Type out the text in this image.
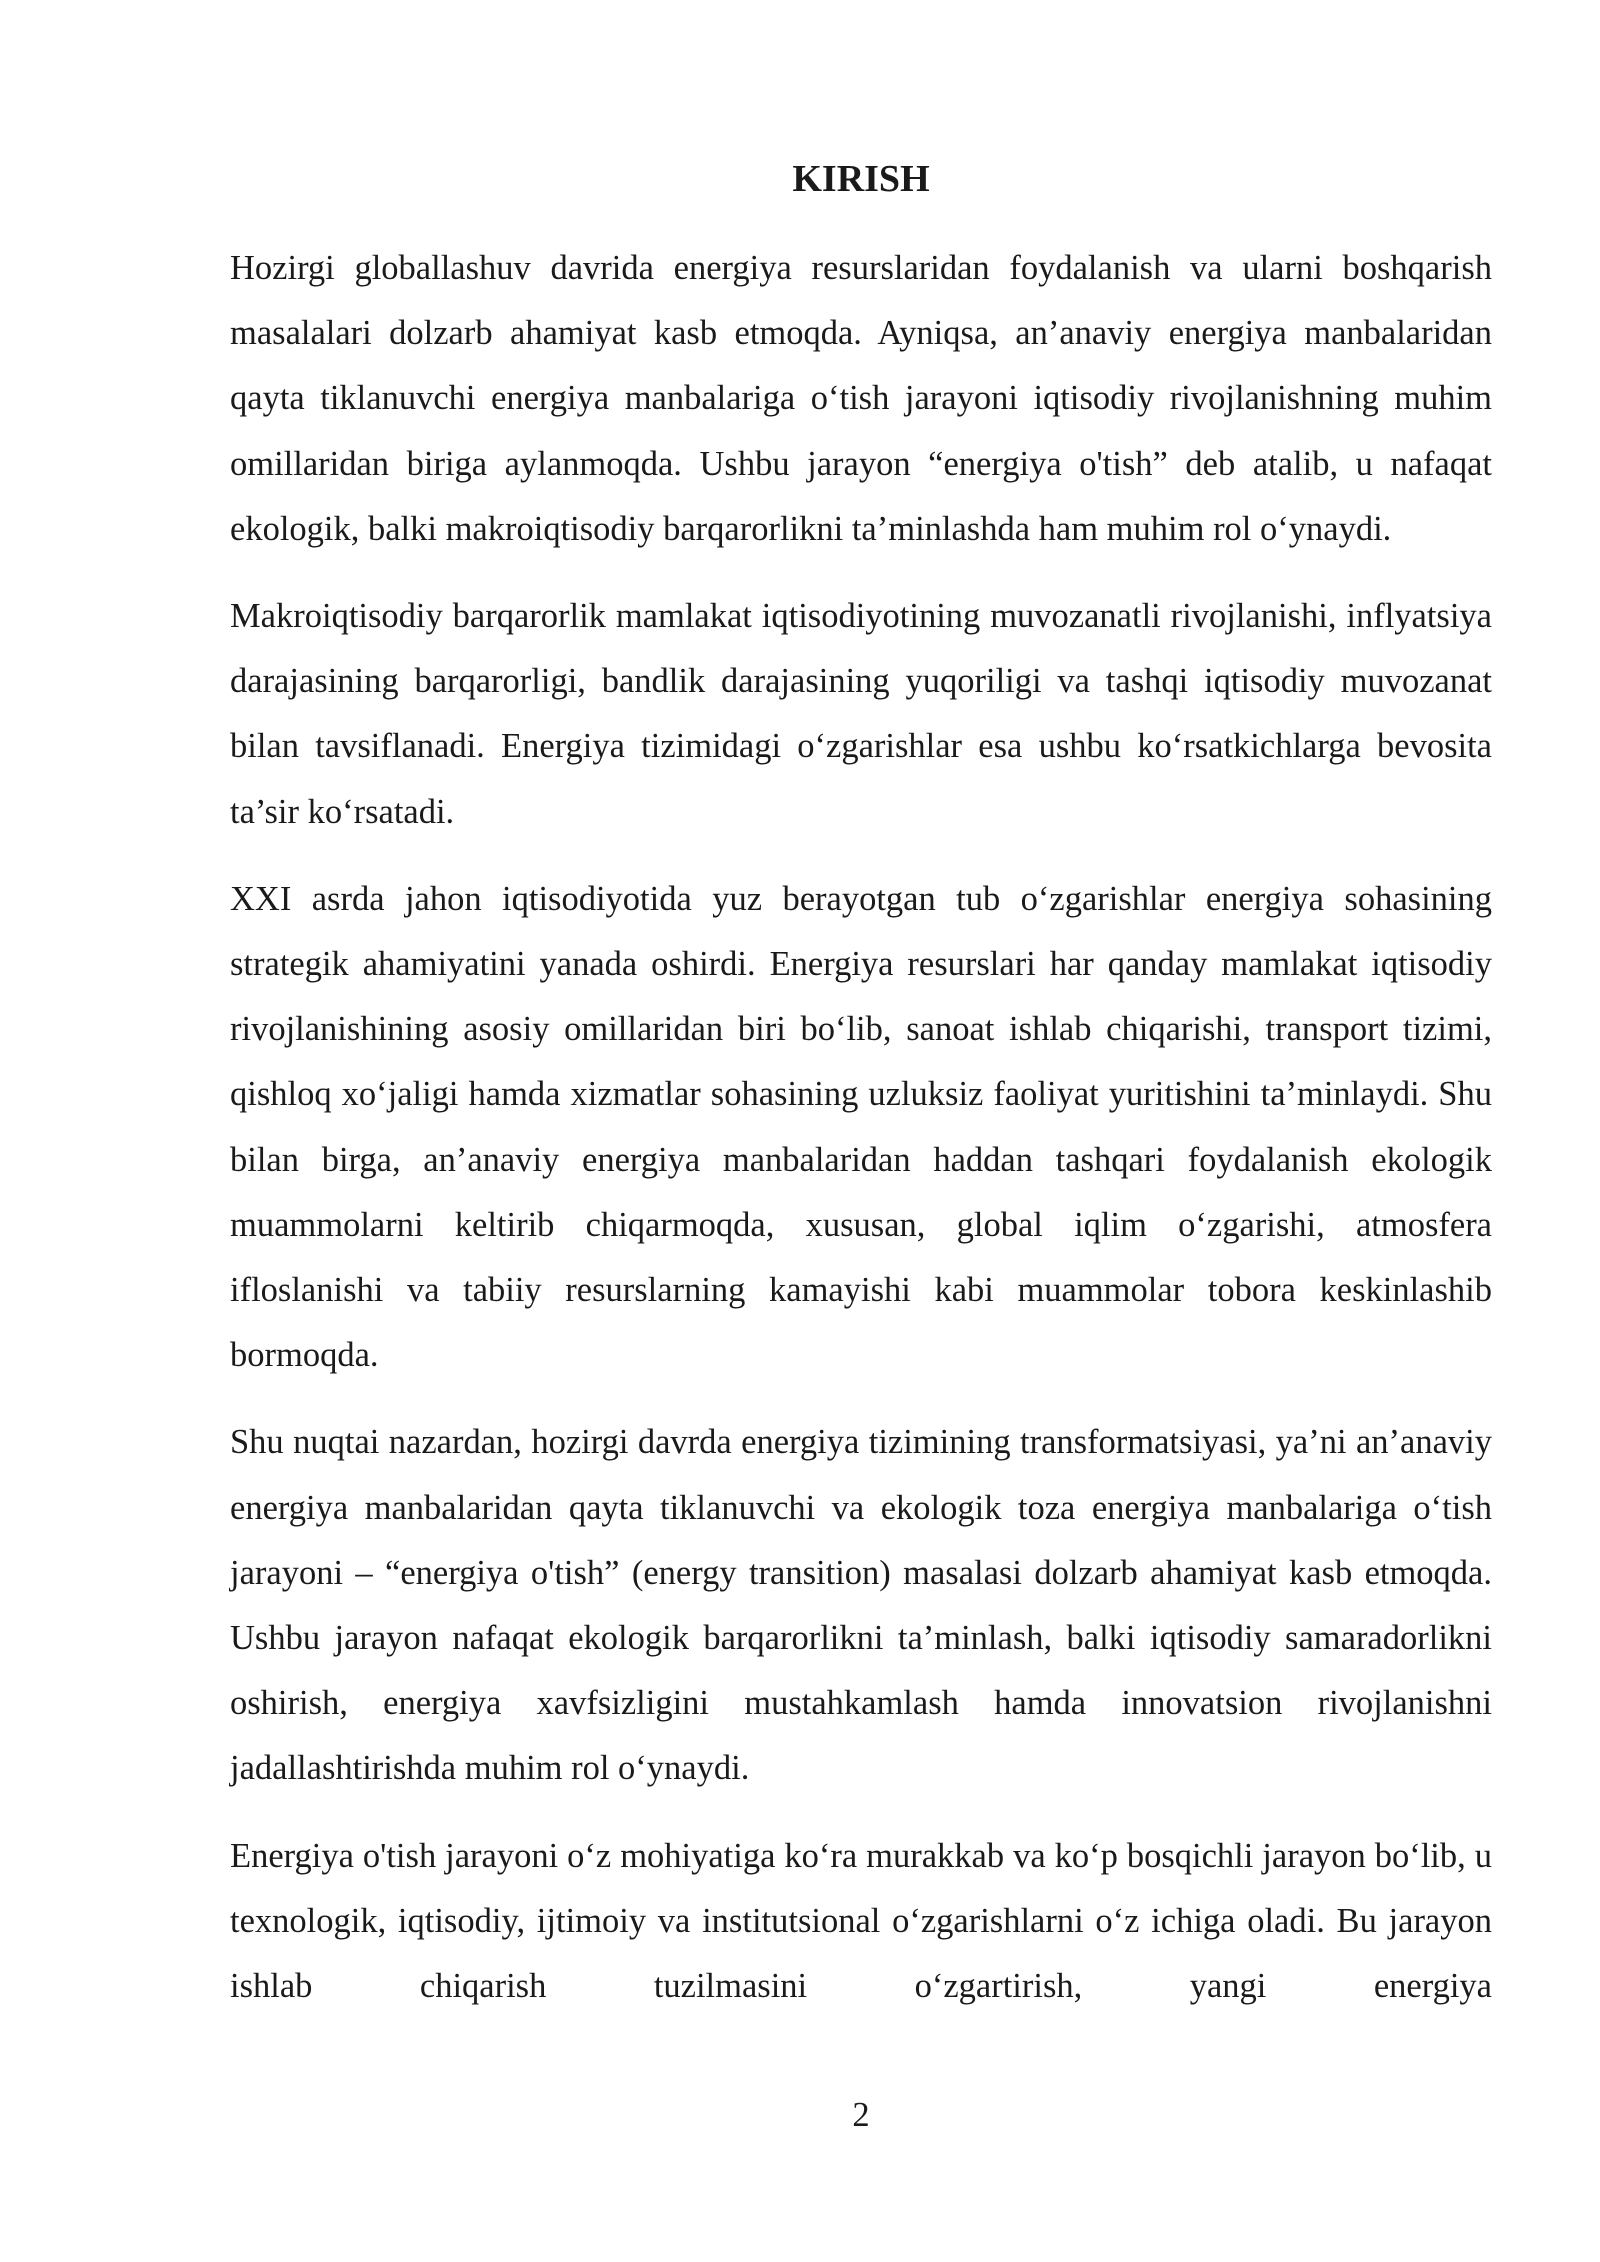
KIRISH

Hozirgi globallashuv davrida energiya resurslaridan foydalanish va ularni boshqarish masalalari dolzarb ahamiyat kasb etmoqda. Ayniqsa, an’anaviy energiya manbalaridan qayta tiklanuvchi energiya manbalariga o‘tish jarayoni iqtisodiy rivojlanishning muhim omillaridan biriga aylanmoqda. Ushbu jarayon “energiya o'tish” deb atalib, u nafaqat ekologik, balki makroiqtisodiy barqarorlikni ta’minlashda ham muhim rol o‘ynaydi.

Makroiqtisodiy barqarorlik mamlakat iqtisodiyotining muvozanatli rivojlanishi, inflyatsiya darajasining barqarorligi, bandlik darajasining yuqoriligi va tashqi iqtisodiy muvozanat bilan tavsiflanadi. Energiya tizimidagi o‘zgarishlar esa ushbu ko‘rsatkichlarga bevosita ta’sir ko‘rsatadi.

XXI asrda jahon iqtisodiyotida yuz berayotgan tub o‘zgarishlar energiya sohasining strategik ahamiyatini yanada oshirdi. Energiya resurslari har qanday mamlakat iqtisodiy rivojlanishining asosiy omillaridan biri bo‘lib, sanoat ishlab chiqarishi, transport tizimi, qishloq xo‘jaligi hamda xizmatlar sohasining uzluksiz faoliyat yuritishini ta’minlaydi. Shu bilan birga, an’anaviy energiya manbalaridan haddan tashqari foydalanish ekologik muammolarni keltirib chiqarmoqda, xususan, global iqlim o‘zgarishi, atmosfera ifloslanishi va tabiiy resurslarning kamayishi kabi muammolar tobora keskinlashib bormoqda.

Shu nuqtai nazardan, hozirgi davrda energiya tizimining transformatsiyasi, ya’ni an’anaviy energiya manbalaridan qayta tiklanuvchi va ekologik toza energiya manbalariga o‘tish jarayoni – “energiya o'tish” (energy transition) masalasi dolzarb ahamiyat kasb etmoqda. Ushbu jarayon nafaqat ekologik barqarorlikni ta’minlash, balki iqtisodiy samaradorlikni oshirish, energiya xavfsizligini mustahkamlash hamda innovatsion rivojlanishni jadallashtirishda muhim rol o‘ynaydi.

Energiya o'tish jarayoni o‘z mohiyatiga ko‘ra murakkab va ko‘p bosqichli jarayon bo‘lib, u texnologik, iqtisodiy, ijtimoiy va institutsional o‘zgarishlarni o‘z ichiga oladi. Bu jarayon ishlab chiqarish tuzilmasini o‘zgartirish, yangi energiya

2
